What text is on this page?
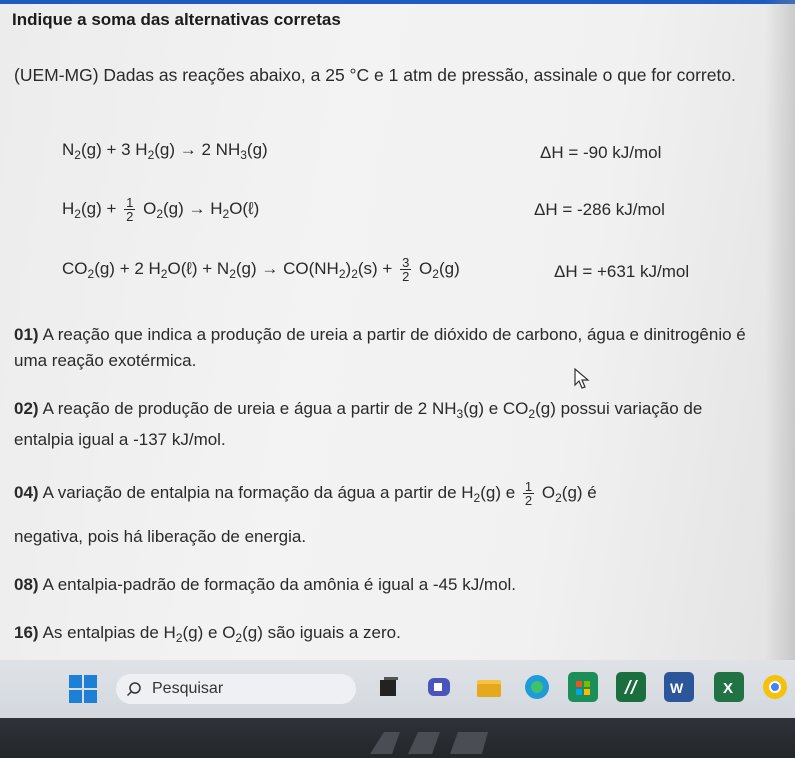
Indique a soma das alternativas corretas
(UEM-MG) Dadas as reações abaixo, a 25 °C e 1 atm de pressão, assinale o que for correto.
$N_2(g) + 3$ $H_2(g) \to 2$ $NH_3(g)$	ΔH = -90 kJ/mol
$H_2(g) + \frac{1}{2} O_2(g)$ → $H_2O(\ell)$	ΔH = -286 kJ/mol
$CO_2(g) + 2$ $H_2O(\ell) + N_2(g) \to CO(NH_2)_2(s) + \frac{3}{2} O_2(g)$	ΔH = +631 kJ/mol
01) A reação que indica a produção de ureia a partir de dióxido de carbono, água e dinitrogênio é uma reação exotérmica.
02) A reação de produção de ureia e água a partir de 2 $NH_3(g)$ e $CO_2(g)$ possui variação de entalpia igual a -137 kJ/mol.
04) A variação de entalpia na formação da água a partir de $H_2(g)$ e $\frac{1}{2} O_2(g)$ é
negativa, pois há liberação de energia.
08) A entalpia-padrão de formação da amônia é igual a -45 kJ/mol.
16) As entalpias de $H_2(g)$ e $O_2(g)$ são iguais a zero.
Pesquisar	W	X
